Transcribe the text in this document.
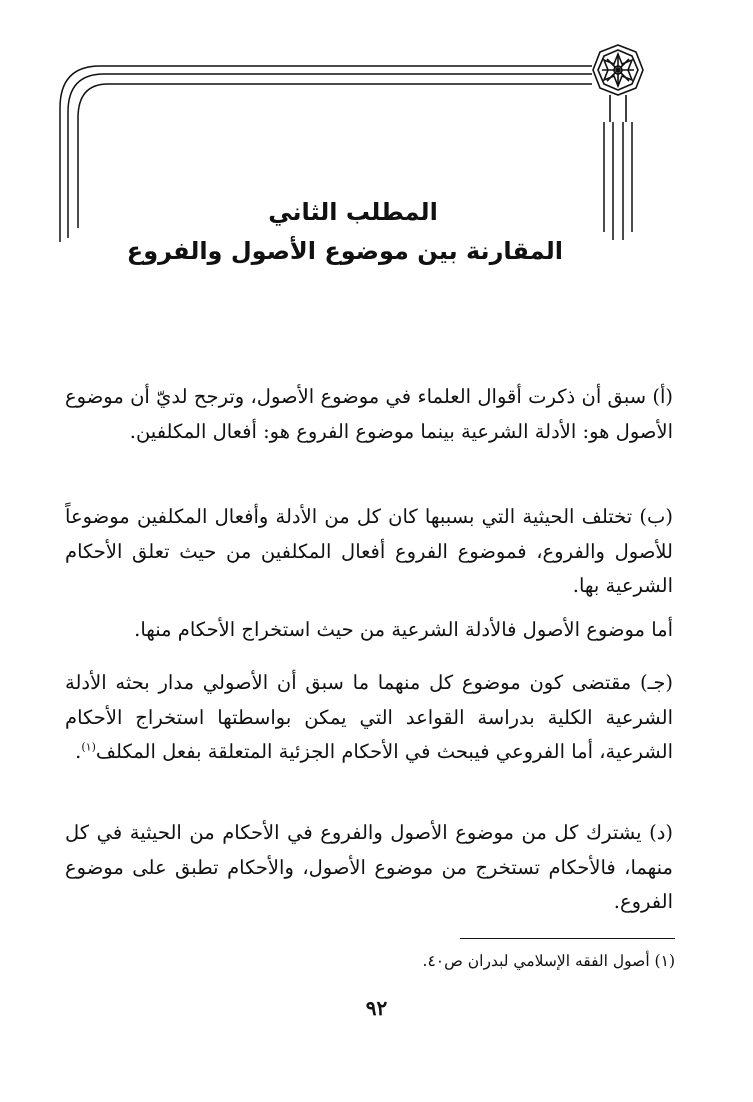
المطلب الثاني
المقارنة بين موضوع الأصول والفروع

(أ) سبق أن ذكرت أقوال العلماء في موضوع الأصول، وترجح لديّ أن موضوع الأصول هو: الأدلة الشرعية بينما موضوع الفروع هو: أفعال المكلفين.

(ب) تختلف الحيثية التي بسببها كان كل من الأدلة وأفعال المكلفين موضوعاً للأصول والفروع، فموضوع الفروع أفعال المكلفين من حيث تعلق الأحكام الشرعية بها.

أما موضوع الأصول فالأدلة الشرعية من حيث استخراج الأحكام منها.

(جـ) مقتضى كون موضوع كل منهما ما سبق أن الأصولي مدار بحثه الأدلة الشرعية الكلية بدراسة القواعد التي يمكن بواسطتها استخراج الأحكام الشرعية، أما الفروعي فيبحث في الأحكام الجزئية المتعلقة بفعل المكلف$^{(١)}$.

(د) يشترك كل من موضوع الأصول والفروع في الأحكام من الحيثية في كل منهما، فالأحكام تستخرج من موضوع الأصول، والأحكام تطبق على موضوع الفروع.

(١) أصول الفقه الإسلامي لبدران ص٤٠.

٩٢
